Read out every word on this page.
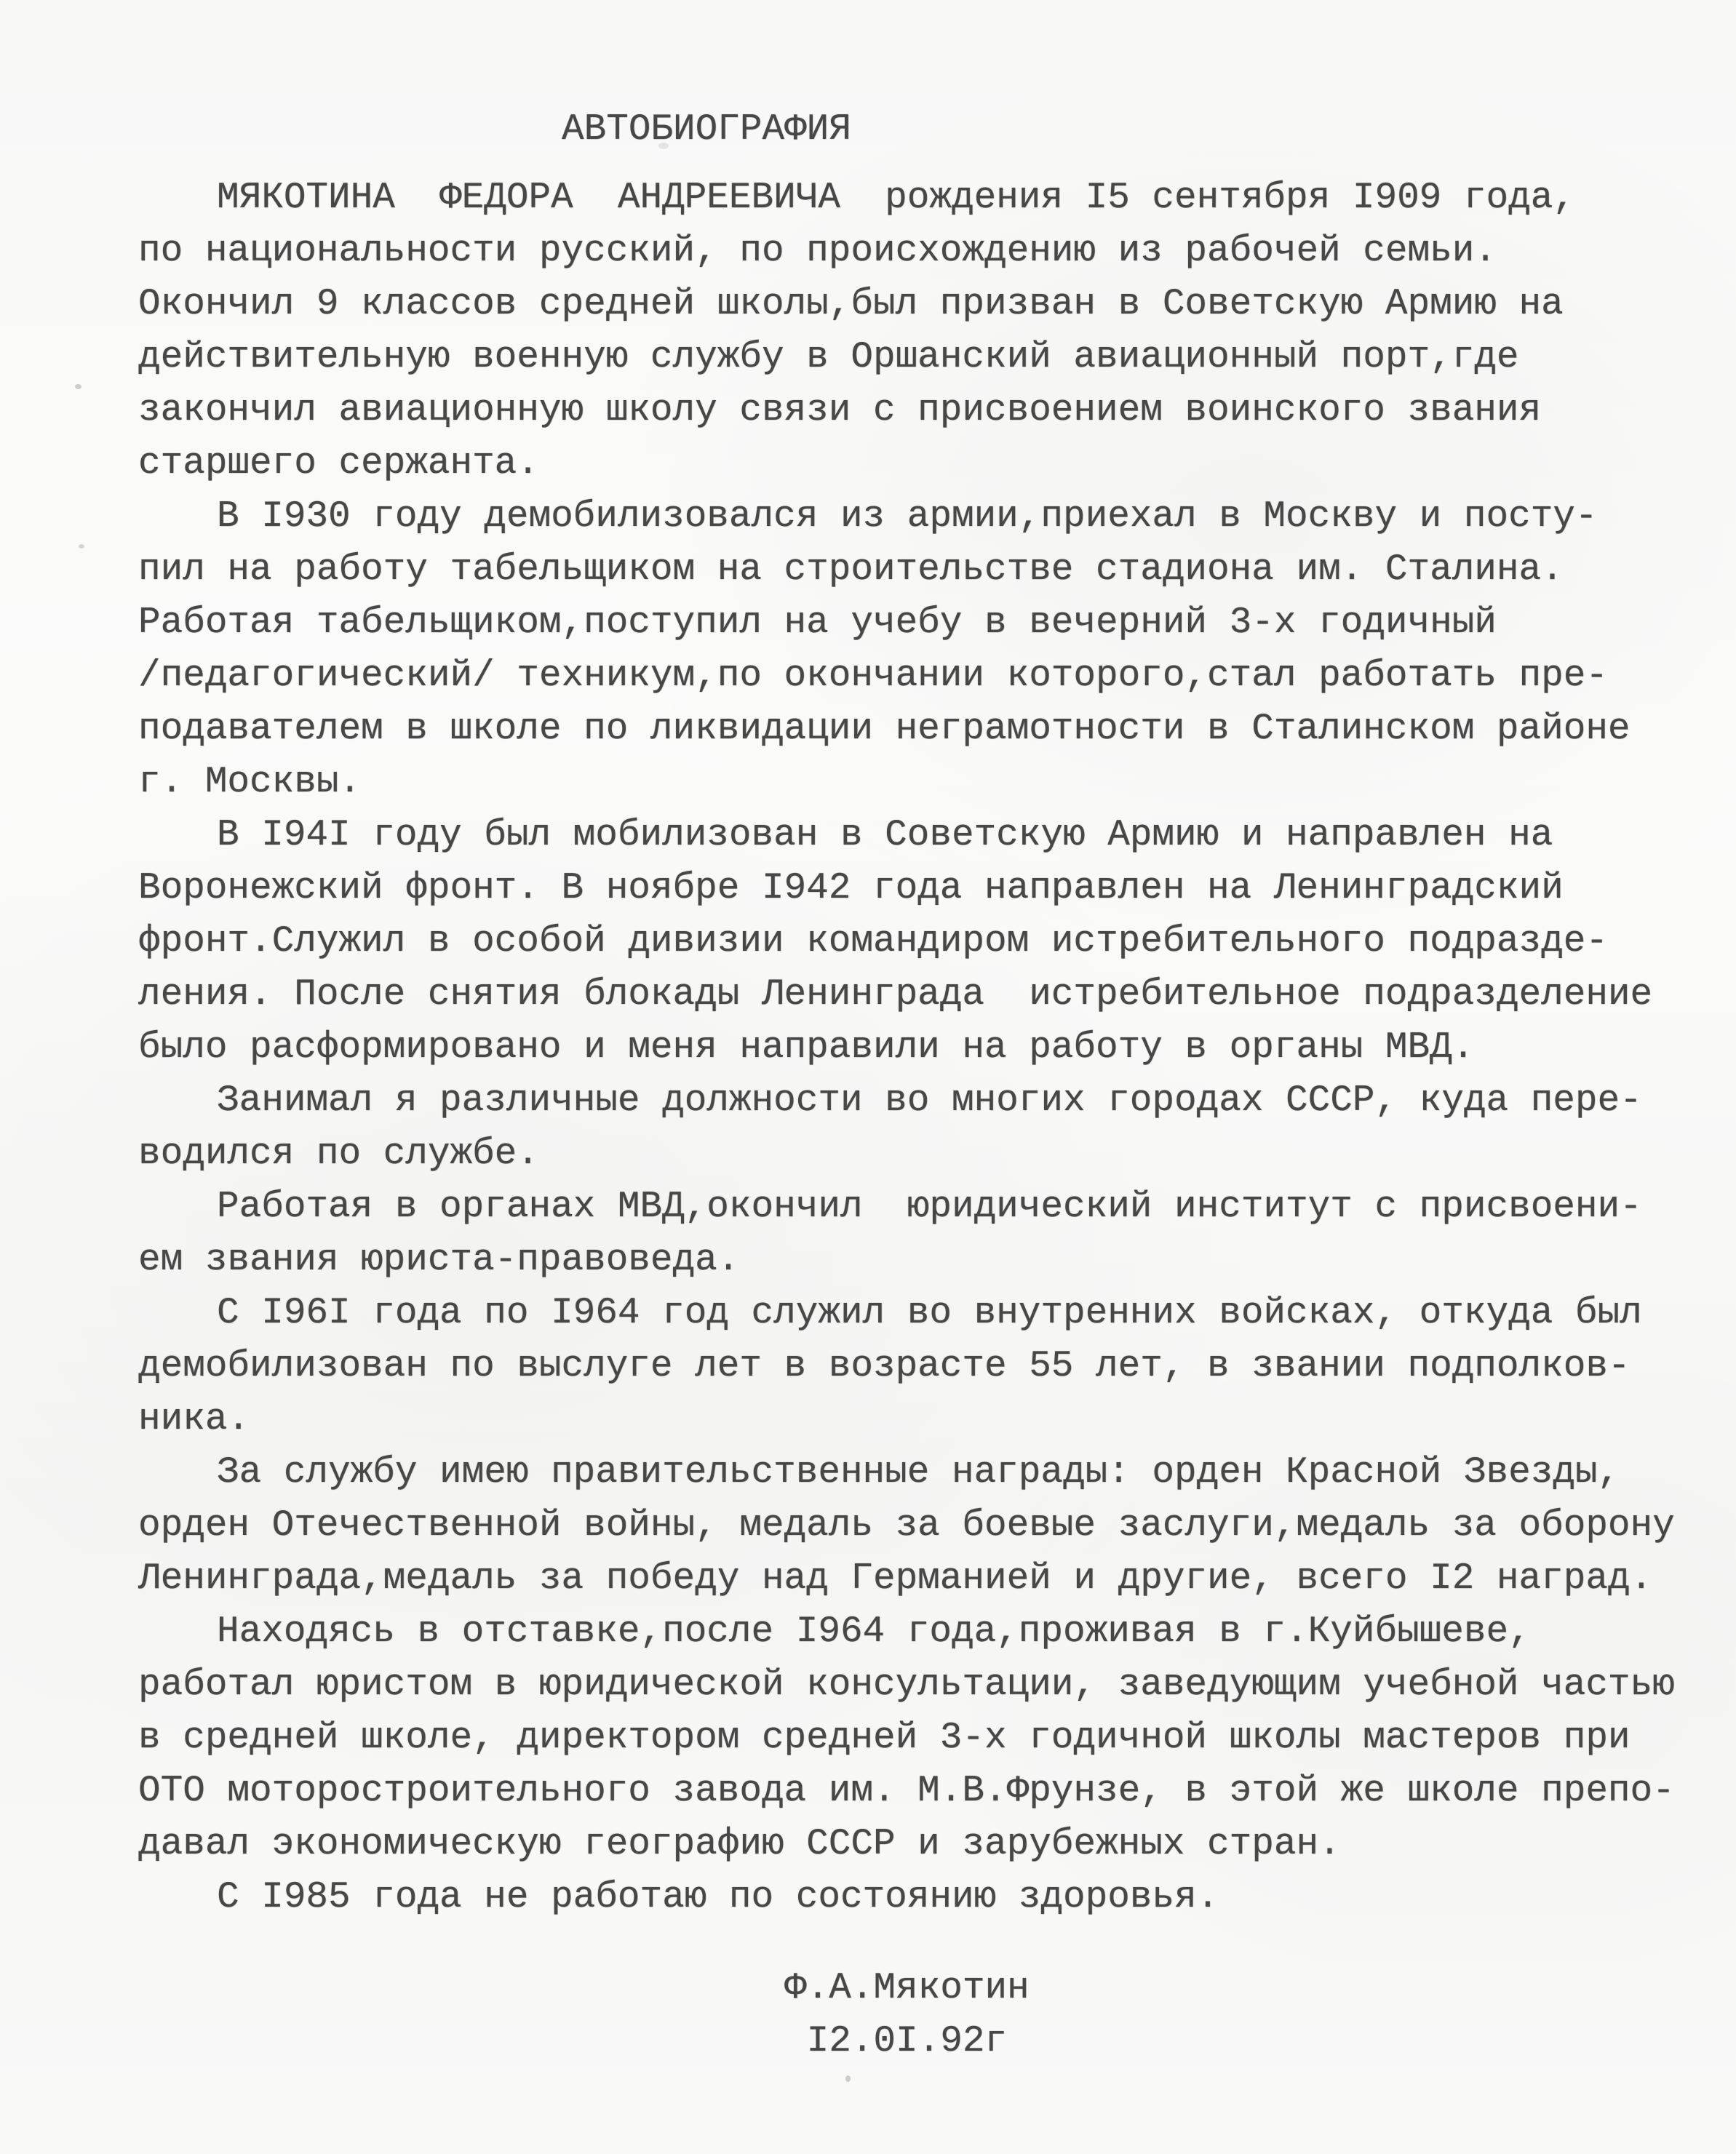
АВТОБИОГРАФИЯ
МЯКОТИНА  ФЕДОРА  АНДРЕЕВИЧА  рождения I5 сентября I909 года,
по национальности русский, по происхождению из рабочей семьи.
Окончил 9 классов средней школы,был призван в Советскую Армию на
действительную военную службу в Оршанский авиационный порт,где
закончил авиационную школу связи с присвоением воинского звания
старшего сержанта.
В I930 году демобилизовался из армии,приехал в Москву и посту-
пил на работу табельщиком на строительстве стадиона им. Сталина.
Работая табельщиком,поступил на учебу в вечерний 3-х годичный
/педагогический/ техникум,по окончании которого,стал работать пре-
подавателем в школе по ликвидации неграмотности в Сталинском районе
г. Москвы.
В I94I году был мобилизован в Советскую Армию и направлен на
Воронежский фронт. В ноябре I942 года направлен на Ленинградский
фронт.Служил в особой дивизии командиром истребительного подразде-
ления. После снятия блокады Ленинграда  истребительное подразделение
было расформировано и меня направили на работу в органы МВД.
Занимал я различные должности во многих городах СССР, куда пере-
водился по службе.
Работая в органах МВД,окончил  юридический институт с присвоени-
ем звания юриста-правоведа.
С I96I года по I964 год служил во внутренних войсках, откуда был
демобилизован по выслуге лет в возрасте 55 лет, в звании подполков-
ника.
За службу имею правительственные награды: орден Красной Звезды,
орден Отечественной войны, медаль за боевые заслуги,медаль за оборону
Ленинграда,медаль за победу над Германией и другие, всего I2 наград.
Находясь в отставке,после I964 года,проживая в г.Куйбышеве,
работал юристом в юридической консультации, заведующим учебной частью
в средней школе, директором средней 3-х годичной школы мастеров при
ОТО моторостроительного завода им. М.В.Фрунзе, в этой же школе препо-
давал экономическую географию СССР и зарубежных стран.
С I985 года не работаю по состоянию здоровья.
Ф.А.Мякотин
I2.0I.92г
